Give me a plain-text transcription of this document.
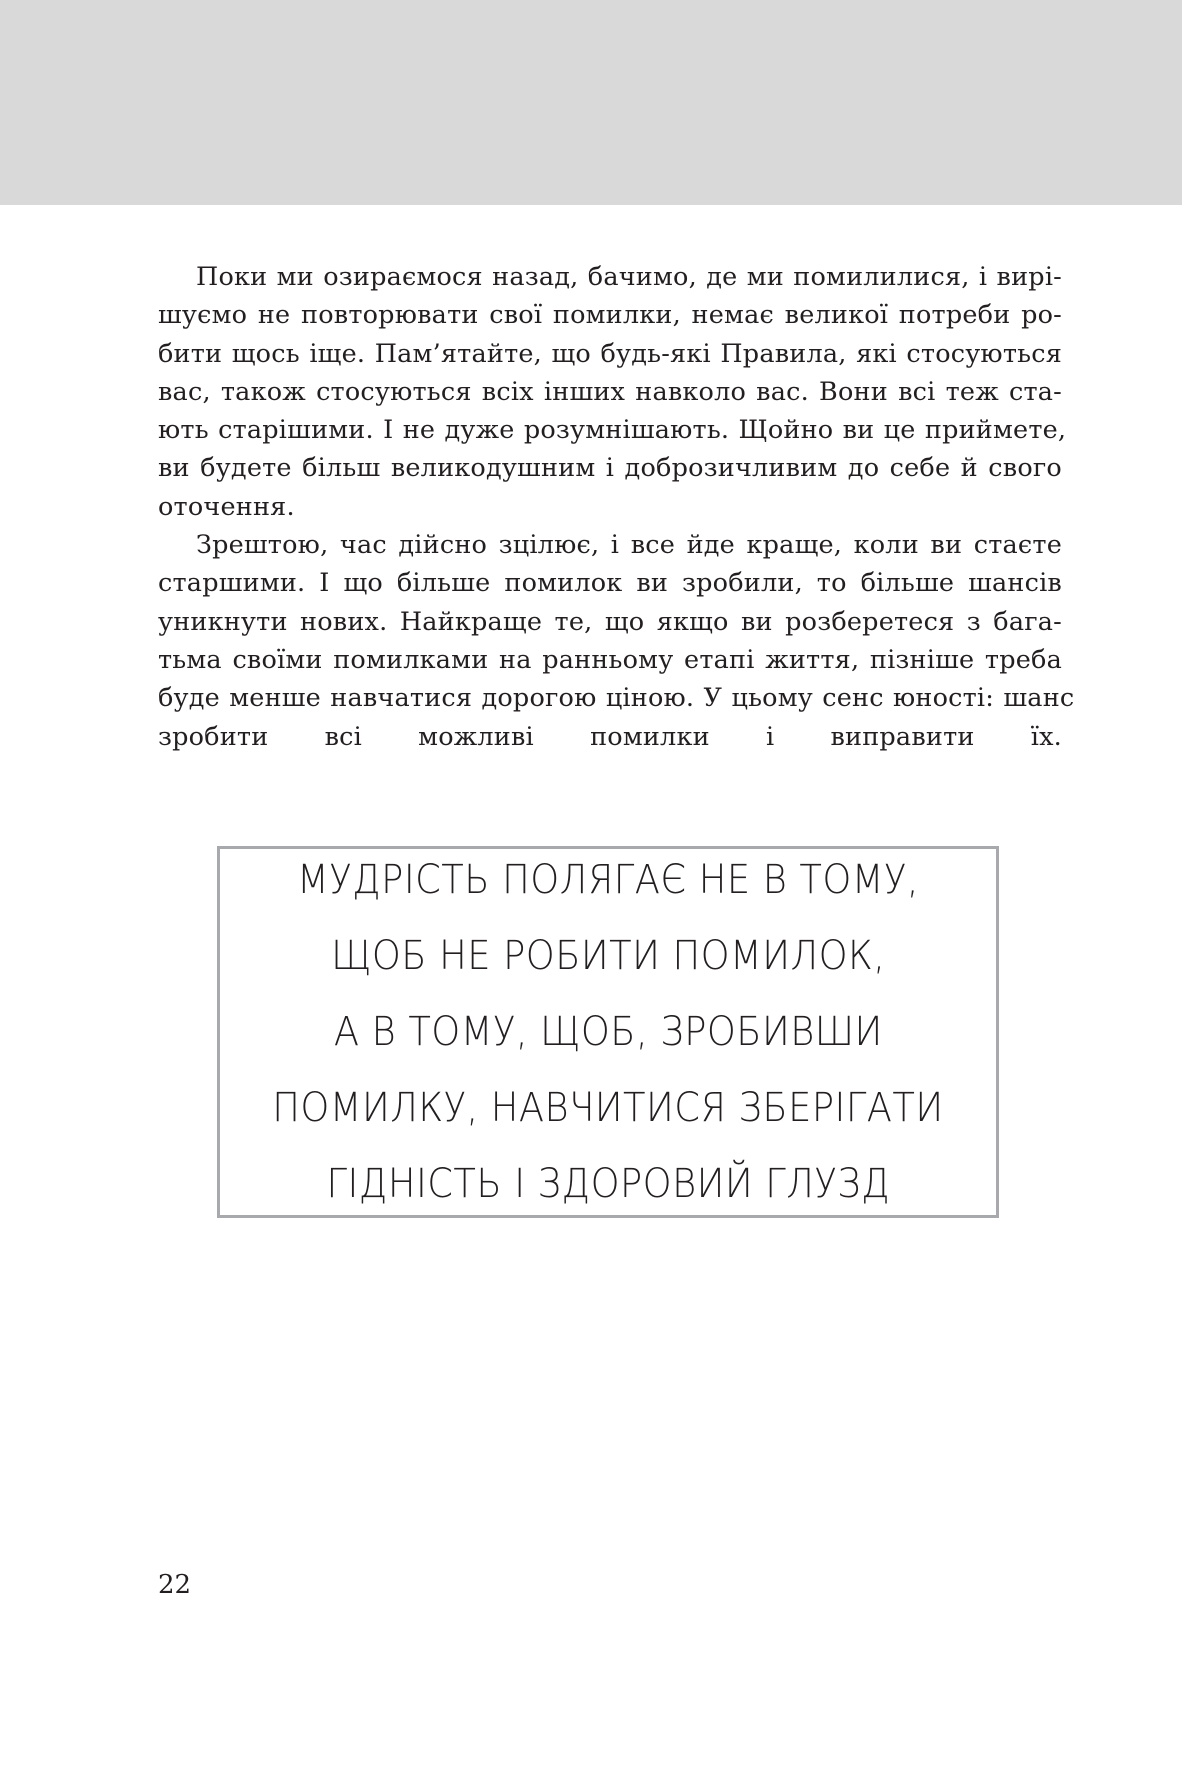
Поки ми озираємося назад, бачимо, де ми помилилися, і вирі-
шуємо не повторювати свої помилки, немає великої потреби ро-
бити щось іще. Пам’ятайте, що будь-які Правила, які стосуються
вас, також стосуються всіх інших навколо вас. Вони всі теж ста-
ють старішими. І не дуже розумнішають. Щойно ви це приймете,
ви будете більш великодушним і доброзичливим до себе й свого
оточення.
Зрештою, час дійсно зцілює, і все йде краще, коли ви стаєте
старшими. І що більше помилок ви зробили, то більше шансів
уникнути нових. Найкраще те, що якщо ви розберетеся з бага-
тьма своїми помилками на ранньому етапі життя, пізніше треба
буде менше навчатися дорогою ціною. У цьому сенс юності: шанс
зробити всі можливі помилки і виправити їх.
МУДРІСТЬ ПОЛЯГАЄ НЕ В ТОМУ,
ЩОБ НЕ РОБИТИ ПОМИЛОК,
А В ТОМУ, ЩОБ, ЗРОБИВШИ
ПОМИЛКУ, НАВЧИТИСЯ ЗБЕРІГАТИ
ГІДНІСТЬ І ЗДОРОВИЙ ГЛУЗД
22
